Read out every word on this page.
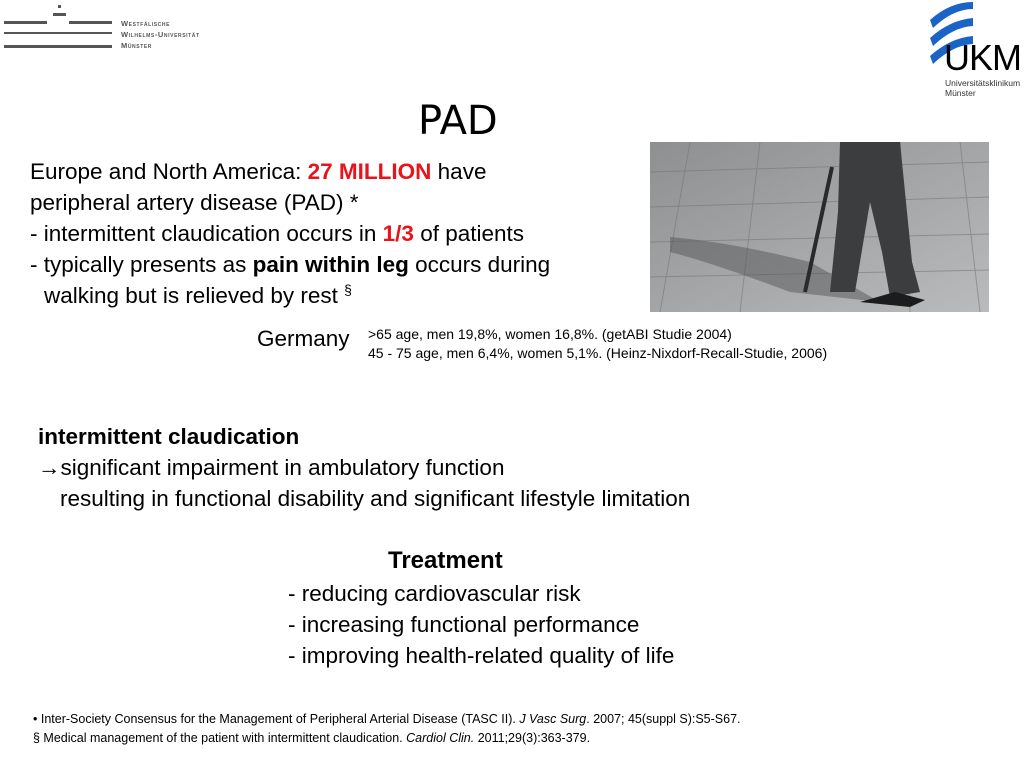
Westfälische
Wilhelms-Universität
Münster	UKM
Universitätsklinikum
Münster
PAD
Europe and North America: 27 MILLION have
peripheral artery disease (PAD) *
- intermittent claudication occurs in 1/3 of patients
- typically presents as pain within leg occurs during
walking but is relieved by rest §
Germany >65 age, men 19,8%, women 16,8%. (getABI Studie 2004)
45 - 75 age, men 6,4%, women 5,1%. (Heinz-Nixdorf-Recall-Studie, 2006)
intermittent claudication
→significant impairment in ambulatory function
resulting in functional disability and significant lifestyle limitation
Treatment
- reducing cardiovascular risk
- increasing functional performance
- improving health-related quality of life
• Inter-Society Consensus for the Management of Peripheral Arterial Disease (TASC II). J Vasc Surg. 2007; 45(suppl S):S5-S67.
§ Medical management of the patient with intermittent claudication. Cardiol Clin. 2011;29(3):363-379.
